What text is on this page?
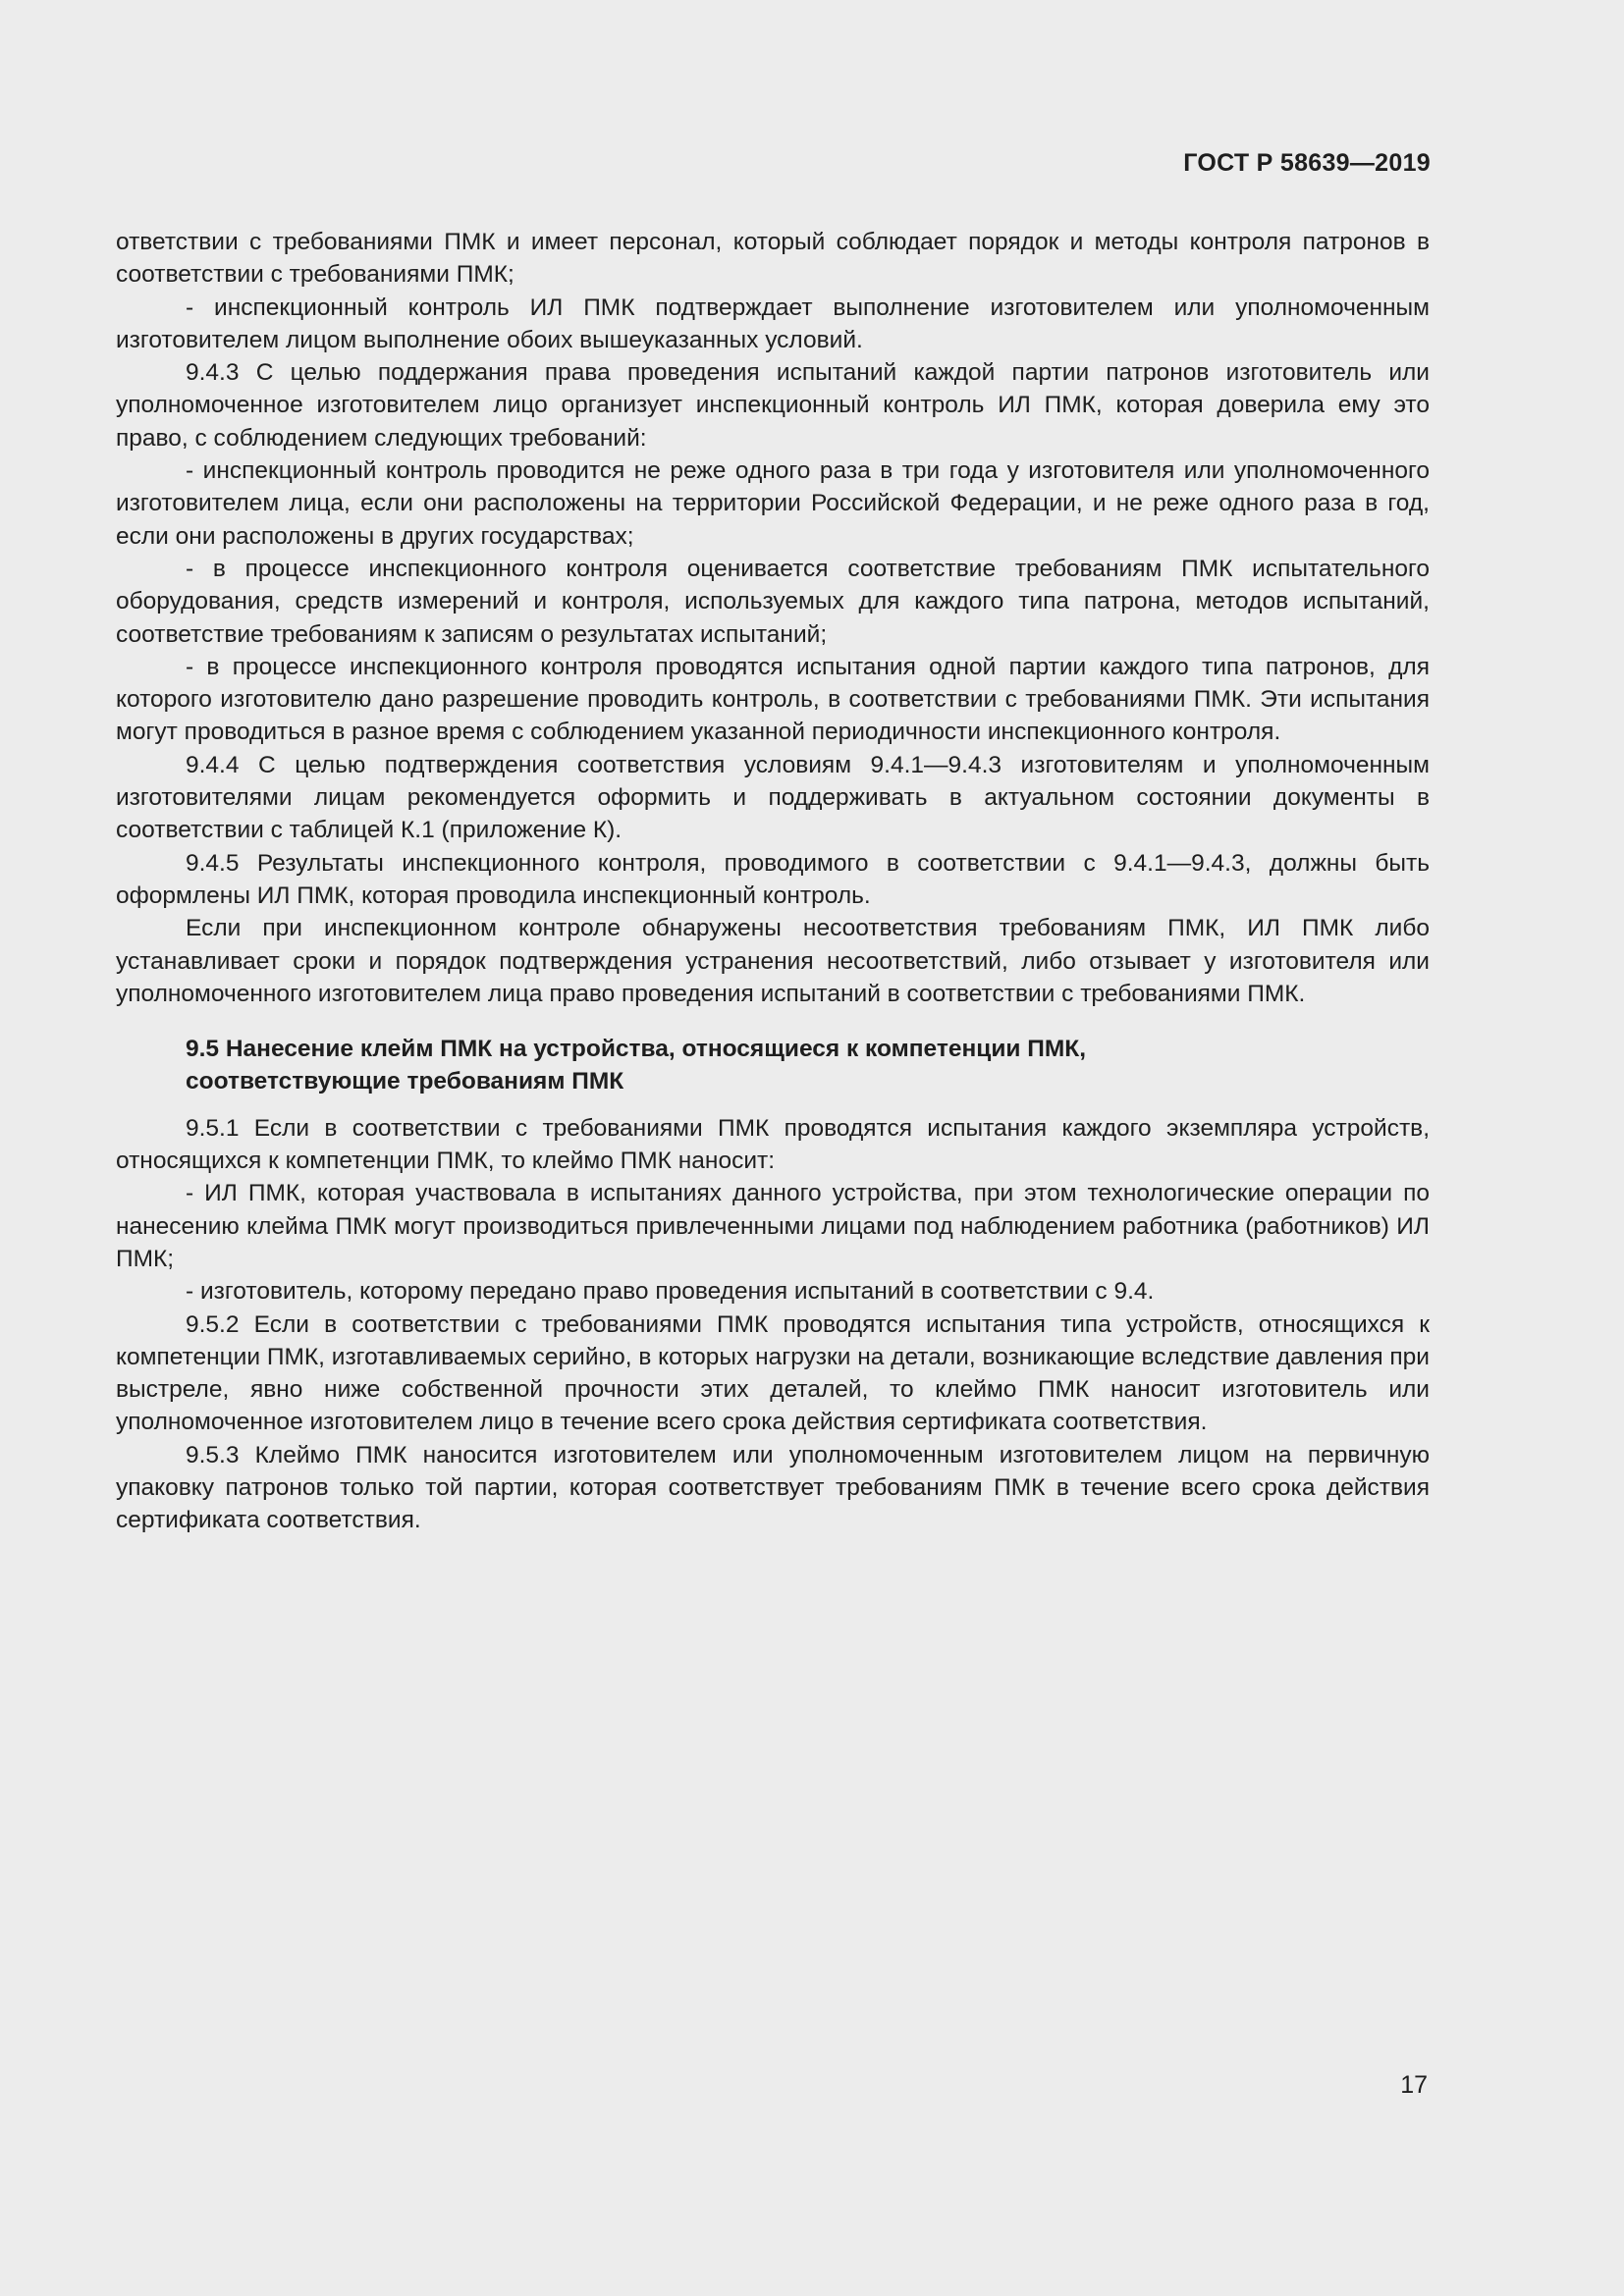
ГОСТ Р 58639—2019

ответствии с требованиями ПМК и имеет персонал, который соблюдает порядок и методы контроля патронов в соответствии с требованиями ПМК;

- инспекционный контроль ИЛ ПМК подтверждает выполнение изготовителем или уполномоченным изготовителем лицом выполнение обоих вышеуказанных условий.

9.4.3 С целью поддержания права проведения испытаний каждой партии патронов изготовитель или уполномоченное изготовителем лицо организует инспекционный контроль ИЛ ПМК, которая доверила ему это право, с соблюдением следующих требований:

- инспекционный контроль проводится не реже одного раза в три года у изготовителя или уполномоченного изготовителем лица, если они расположены на территории Российской Федерации, и не реже одного раза в год, если они расположены в других государствах;

- в процессе инспекционного контроля оценивается соответствие требованиям ПМК испытательного оборудования, средств измерений и контроля, используемых для каждого типа патрона, методов испытаний, соответствие требованиям к записям о результатах испытаний;

- в процессе инспекционного контроля проводятся испытания одной партии каждого типа патронов, для которого изготовителю дано разрешение проводить контроль, в соответствии с требованиями ПМК. Эти испытания могут проводиться в разное время с соблюдением указанной периодичности инспекционного контроля.

9.4.4 С целью подтверждения соответствия условиям 9.4.1—9.4.3 изготовителям и уполномоченным изготовителями лицам рекомендуется оформить и поддерживать в актуальном состоянии документы в соответствии с таблицей К.1 (приложение К).

9.4.5 Результаты инспекционного контроля, проводимого в соответствии с 9.4.1—9.4.3, должны быть оформлены ИЛ ПМК, которая проводила инспекционный контроль.

Если при инспекционном контроле обнаружены несоответствия требованиям ПМК, ИЛ ПМК либо устанавливает сроки и порядок подтверждения устранения несоответствий, либо отзывает у изготовителя или уполномоченного изготовителем лица право проведения испытаний в соответствии с требованиями ПМК.

9.5 Нанесение клейм ПМК на устройства, относящиеся к компетенции ПМК,
соответствующие требованиям ПМК

9.5.1 Если в соответствии с требованиями ПМК проводятся испытания каждого экземпляра устройств, относящихся к компетенции ПМК, то клеймо ПМК наносит:

- ИЛ ПМК, которая участвовала в испытаниях данного устройства, при этом технологические операции по нанесению клейма ПМК могут производиться привлеченными лицами под наблюдением работника (работников) ИЛ ПМК;

- изготовитель, которому передано право проведения испытаний в соответствии с 9.4.

9.5.2 Если в соответствии с требованиями ПМК проводятся испытания типа устройств, относящихся к компетенции ПМК, изготавливаемых серийно, в которых нагрузки на детали, возникающие вследствие давления при выстреле, явно ниже собственной прочности этих деталей, то клеймо ПМК наносит изготовитель или уполномоченное изготовителем лицо в течение всего срока действия сертификата соответствия.

9.5.3 Клеймо ПМК наносится изготовителем или уполномоченным изготовителем лицом на первичную упаковку патронов только той партии, которая соответствует требованиям ПМК в течение всего срока действия сертификата соответствия.

17
